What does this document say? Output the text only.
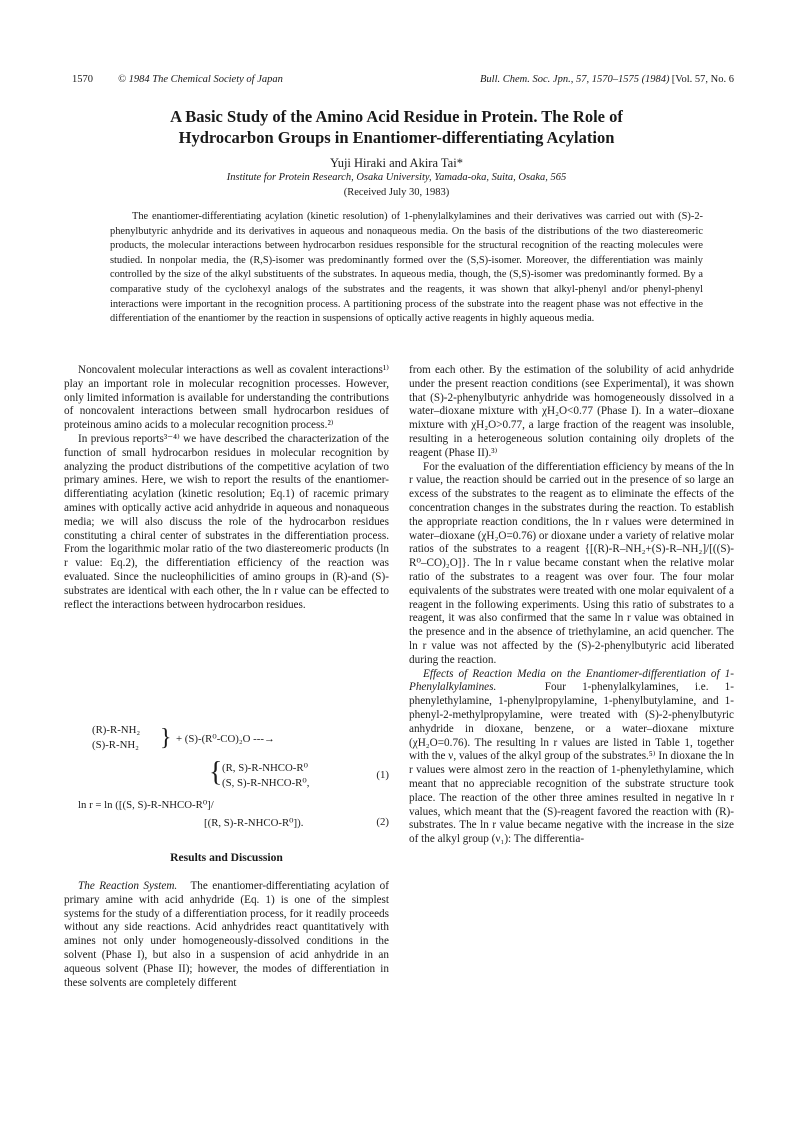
1570 © 1984 The Chemical Society of Japan	Bull. Chem. Soc. Jpn., 57, 1570–1575 (1984) [Vol. 57, No. 6
A Basic Study of the Amino Acid Residue in Protein. The Role of
Hydrocarbon Groups in Enantiomer-differentiating Acylation
Yuji Hiraki and Akira Tai*
Institute for Protein Research, Osaka University, Yamada-oka, Suita, Osaka, 565
(Received July 30, 1983)

The enantiomer-differentiating acylation (kinetic resolution) of 1-phenylalkylamines and their derivatives was carried out with (S)-2-phenylbutyric anhydride and its derivatives in aqueous and nonaqueous media. On the basis of the distributions of the two diastereomeric products, the molecular interactions between hydrocarbon residues responsible for the structural recognition of the reacting molecules were studied. In nonpolar media, the (R,S)-isomer was predominantly formed over the (S,S)-isomer. Moreover, the differentiation was mainly controlled by the size of the alkyl substituents of the substrates. In aqueous media, though, the (S,S)-isomer was predominantly formed. By a comparative study of the cyclohexyl analogs of the substrates and the reagents, it was shown that alkyl-phenyl and/or phenyl-phenyl interactions were important in the recognition process. A partitioning process of the substrate into the reagent phase was not effective in the differentiation of the enantiomer by the reaction in suspensions of optically active reagents in highly aqueous media.

Noncovalent molecular interactions as well as covalent interactions¹⁾ play an important role in molecular recognition processes. However, only limited information is available for understanding the contributions of noncovalent interactions between small hydrocarbon residues of proteinous amino acids to a molecular recognition process.²⁾

In previous reports³⁻⁴⁾ we have described the characterization of the function of small hydrocarbon residues in molecular recognition by analyzing the product distributions of the competitive acylation of two primary amines. Here, we wish to report the results of the enantiomer-differentiating acylation (kinetic resolution; Eq.1) of racemic primary amines with optically active acid anhydride in aqueous and nonaqueous media; we will also discuss the role of the hydrocarbon residues constituting a chiral center of substrates in the differentiation process. From the logarithmic molar ratio of the two diastereomeric products (ln r value: Eq.2), the differentiation efficiency of the reaction was evaluated. Since the nucleophilicities of amino groups in (R)-and (S)-substrates are identical with each other, the ln r value can be effected to reflect the interactions between hydrocarbon residues.

(R)-R-NH₂
(S)-R-NH₂ } + (S)-(R⁰-CO)₂O ---→
{ (R, S)-R-NHCO-R⁰
(S, S)-R-NHCO-R⁰,
(1)
ln r = ln ([(S, S)-R-NHCO-R⁰]/
[(R, S)-R-NHCO-R⁰]).	(2)
Results and Discussion

The Reaction System. The enantiomer-differentiating acylation of primary amine with acid anhydride (Eq. 1) is one of the simplest systems for the study of a differentiation process, for it readily proceeds without any side reactions. Acid anhydrides react quantitatively with amines not only under homogeneously-dissolved conditions in the solvent (Phase I), but also in a suspension of acid anhydride in an aqueous solvent (Phase II); however, the modes of differentiation in these solvents are completely different

from each other. By the estimation of the solubility of acid anhydride under the present reaction conditions (see Experimental), it was shown that (S)-2-phenylbutyric anhydride was homogeneously dissolved in a water–dioxane mixture with χH₂O<0.77 (Phase I). In a water–dioxane mixture with χH₂O>0.77, a large fraction of the reagent was insoluble, resulting in a heterogeneous solution containing oily droplets of the reagent (Phase II).³⁾

For the evaluation of the differentiation efficiency by means of the ln r value, the reaction should be carried out in the presence of so large an excess of the substrates to the reagent as to eliminate the effects of the concentration changes in the substrates during the reaction. To establish the appropriate reaction conditions, the ln r values were determined in water–dioxane (χH₂O=0.76) or dioxane under a variety of relative molar ratios of the substrates to a reagent {[(R)-R–NH₂+(S)-R–NH₂]/[((S)-R⁰–CO)₂O]}. The ln r value became constant when the relative molar ratio of the substrates to a reagent was over four. The four molar equivalents of the substrates were treated with one molar equivalent of a reagent in the following experiments. Using this ratio of substrates to a reagent, it was also confirmed that the same ln r value was obtained in the presence and in the absence of triethylamine, an acid quencher. The ln r value was not affected by the (S)-2-phenylbutyric acid liberated during the reaction.

Effects of Reaction Media on the Enantiomer-differentiation of 1-Phenylalkylamines.	Four 1-phenylalkylamines, i.e. 1-phenylethylamine, 1-phenylpropylamine, 1-phenylbutylamine, and 1-phenyl-2-methylpropylamine, were treated with (S)-2-phenylbutyric anhydride in dioxane, benzene, or a water–dioxane mixture (χH₂O=0.76). The resulting ln r values are listed in Table 1, together with the ν, values of the alkyl group of the substrates.⁵⁾ In dioxane the ln r values were almost zero in the reaction of 1-phenylethylamine, which meant that no appreciable recognition of the substrate structure took place. The reaction of the other three amines resulted in negative ln r values, which meant that the (S)-reagent favored the reaction with (R)-substrates. The ln r value became negative with the increase in the size of the alkyl group (ν₁): The differentia-
